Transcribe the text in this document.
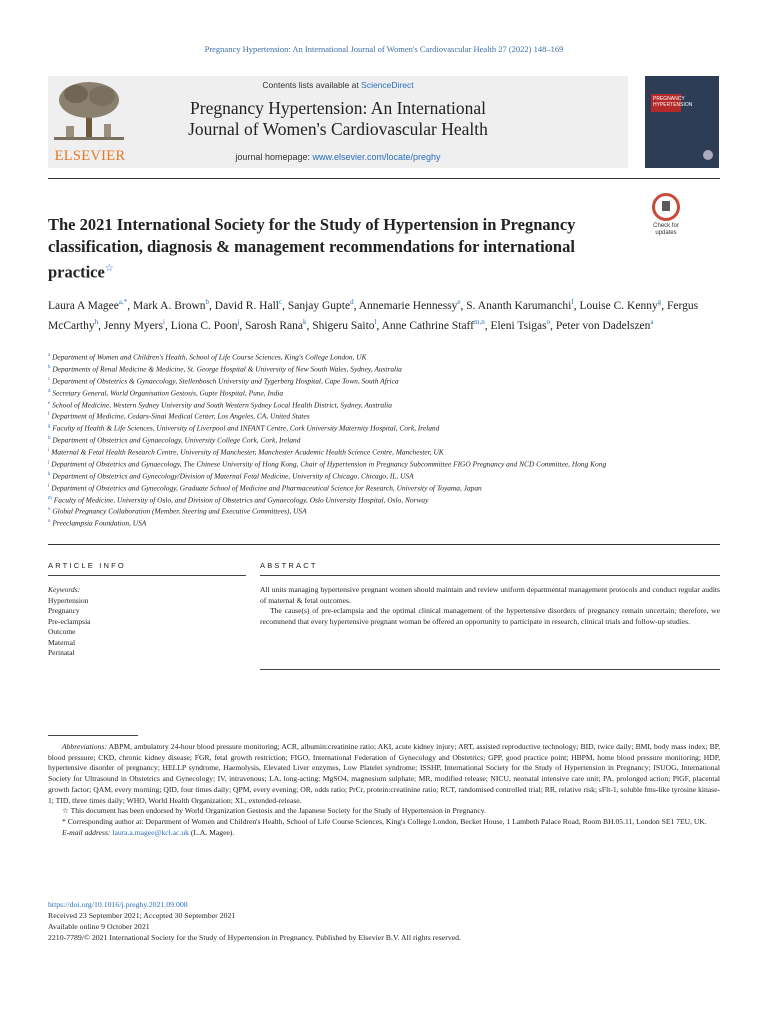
Pregnancy Hypertension: An International Journal of Women's Cardiovascular Health 27 (2022) 148–169
ELSEVIER
Contents lists available at ScienceDirect
Pregnancy Hypertension: An International
Journal of Women's Cardiovascular Health
journal homepage: www.elsevier.com/locate/preghy
PREGNANCY HYPERTENSION
The 2021 International Society for the Study of Hypertension in Pregnancy classification, diagnosis & management recommendations for international practice☆
Check for
updates
Laura A Magee$^{a,*}$, Mark A. Brown$^b$, David R. Hall$^c$, Sanjay Gupte$^d$, Annemarie Hennessy$^e$, S. Ananth Karumanchi$^f$, Louise C. Kenny$^g$, Fergus McCarthy$^h$, Jenny Myers$^i$, Liona C. Poon$^j$, Sarosh Rana$^k$, Shigeru Saito$^l$, Anne Cathrine Staff$^{m,n}$, Eleni Tsigas$^o$, Peter von Dadelszen$^a$

$^a$ Department of Women and Children's Health, School of Life Course Sciences, King's College London, UK

$^b$ Departments of Renal Medicine & Medicine, St. George Hospital & University of New South Wales, Sydney, Australia

$^c$ Department of Obstetrics & Gynaecology, Stellenbosch University and Tygerberg Hospital, Cape Town, South Africa

$^d$ Secretary General, World Organisation Gestosis, Gupte Hospital, Pune, India

$^e$ School of Medicine, Western Sydney University and South Western Sydney Local Health District, Sydney, Australia

$^f$ Department of Medicine, Cedars-Sinai Medical Center, Los Angeles, CA, United States

$^g$ Faculty of Health & Life Sciences, University of Liverpool and INFANT Centre, Cork University Maternity Hospital, Cork, Ireland

$^h$ Department of Obstetrics and Gynaecology, University College Cork, Cork, Ireland

$^i$ Maternal & Fetal Health Research Centre, University of Manchester, Manchester Academic Health Science Centre, Manchester, UK

$^j$ Department of Obstetrics and Gynaecology, The Chinese University of Hong Kong, Chair of Hypertension in Pregnancy Subcommittee FIGO Pregnancy and NCD Committee, Hong Kong

$^k$ Department of Obstetrics and Gynecology/Division of Maternal Fetal Medicine, University of Chicago, Chicago, IL, USA

$^l$ Department of Obstetrics and Gynecology, Graduate School of Medicine and Pharmaceutical Science for Research, University of Toyama, Japan

$^m$ Faculty of Medicine, University of Oslo, and Division of Obstetrics and Gynaecology, Oslo University Hospital, Oslo, Norway

$^n$ Global Pregnancy Collaboration (Member, Steering and Executive Committees), USA

$^o$ Preeclampsia Foundation, USA

ARTICLE INFO
Keywords:
Hypertension
Pregnancy
Pre-eclampsia
Outcome
Maternal
Perinatal
ABSTRACT

All units managing hypertensive pregnant women should maintain and review uniform departmental management protocols and conduct regular audits of maternal & fetal outcomes.

The cause(s) of pre-eclampsia and the optimal clinical management of the hypertensive disorders of pregnancy remain uncertain; therefore, we recommend that every hypertensive pregnant woman be offered an opportunity to participate in research, clinical trials and follow-up studies.

Abbreviations: ABPM, ambulatory 24-hour blood pressure monitoring; ACR, albumin:creatinine ratio; AKI, acute kidney injury; ART, assisted reproductive technology; BID, twice daily; BMI, body mass index; BP, blood pressure; CKD, chronic kidney disease; FGR, fetal growth restriction; FIGO, International Federation of Gynecology and Obstetrics; GPP, good practice point; HBPM, home blood pressure monitoring; HDP, hypertensive disorder of pregnancy; HELLP syndrome, Haemolysis, Elevated Liver enzymes, Low Platelet syndrome; ISSHP, International Society for the Study of Hypertension in Pregnancy; ISUOG, International Society for Ultrasound in Obstetrics and Gynecology; IV, intravenous; LA, long-acting; MgSO4, magnesium sulphate; MR, modified release; NICU, neonatal intensive care unit; PA, prolonged action; PlGF, placental growth factor; QAM, every morning; QID, four times daily; QPM, every evening; OR, odds ratio; PrCr, protein:creatinine ratio; RCT, randomised controlled trial; RR, relative risk; sFlt-1, soluble fms-like tyrosine kinase-1; TID, three times daily; WHO, World Health Organization; XL, extended-release.

☆ This document has been endorsed by World Organization Gestosis and the Japanese Society for the Study of Hypertension in Pregnancy.

* Corresponding author at: Department of Women and Children's Health, School of Life Course Sciences, King's College London, Becket House, 1 Lambeth Palace Road, Room BH.05.11, London SE1 7EU, UK.

E-mail address: laura.a.magee@kcl.ac.uk (L.A. Magee).

https://doi.org/10.1016/j.preghy.2021.09.008

Received 23 September 2021; Accepted 30 September 2021

Available online 9 October 2021

2210-7789/© 2021 International Society for the Study of Hypertension in Pregnancy. Published by Elsevier B.V. All rights reserved.
